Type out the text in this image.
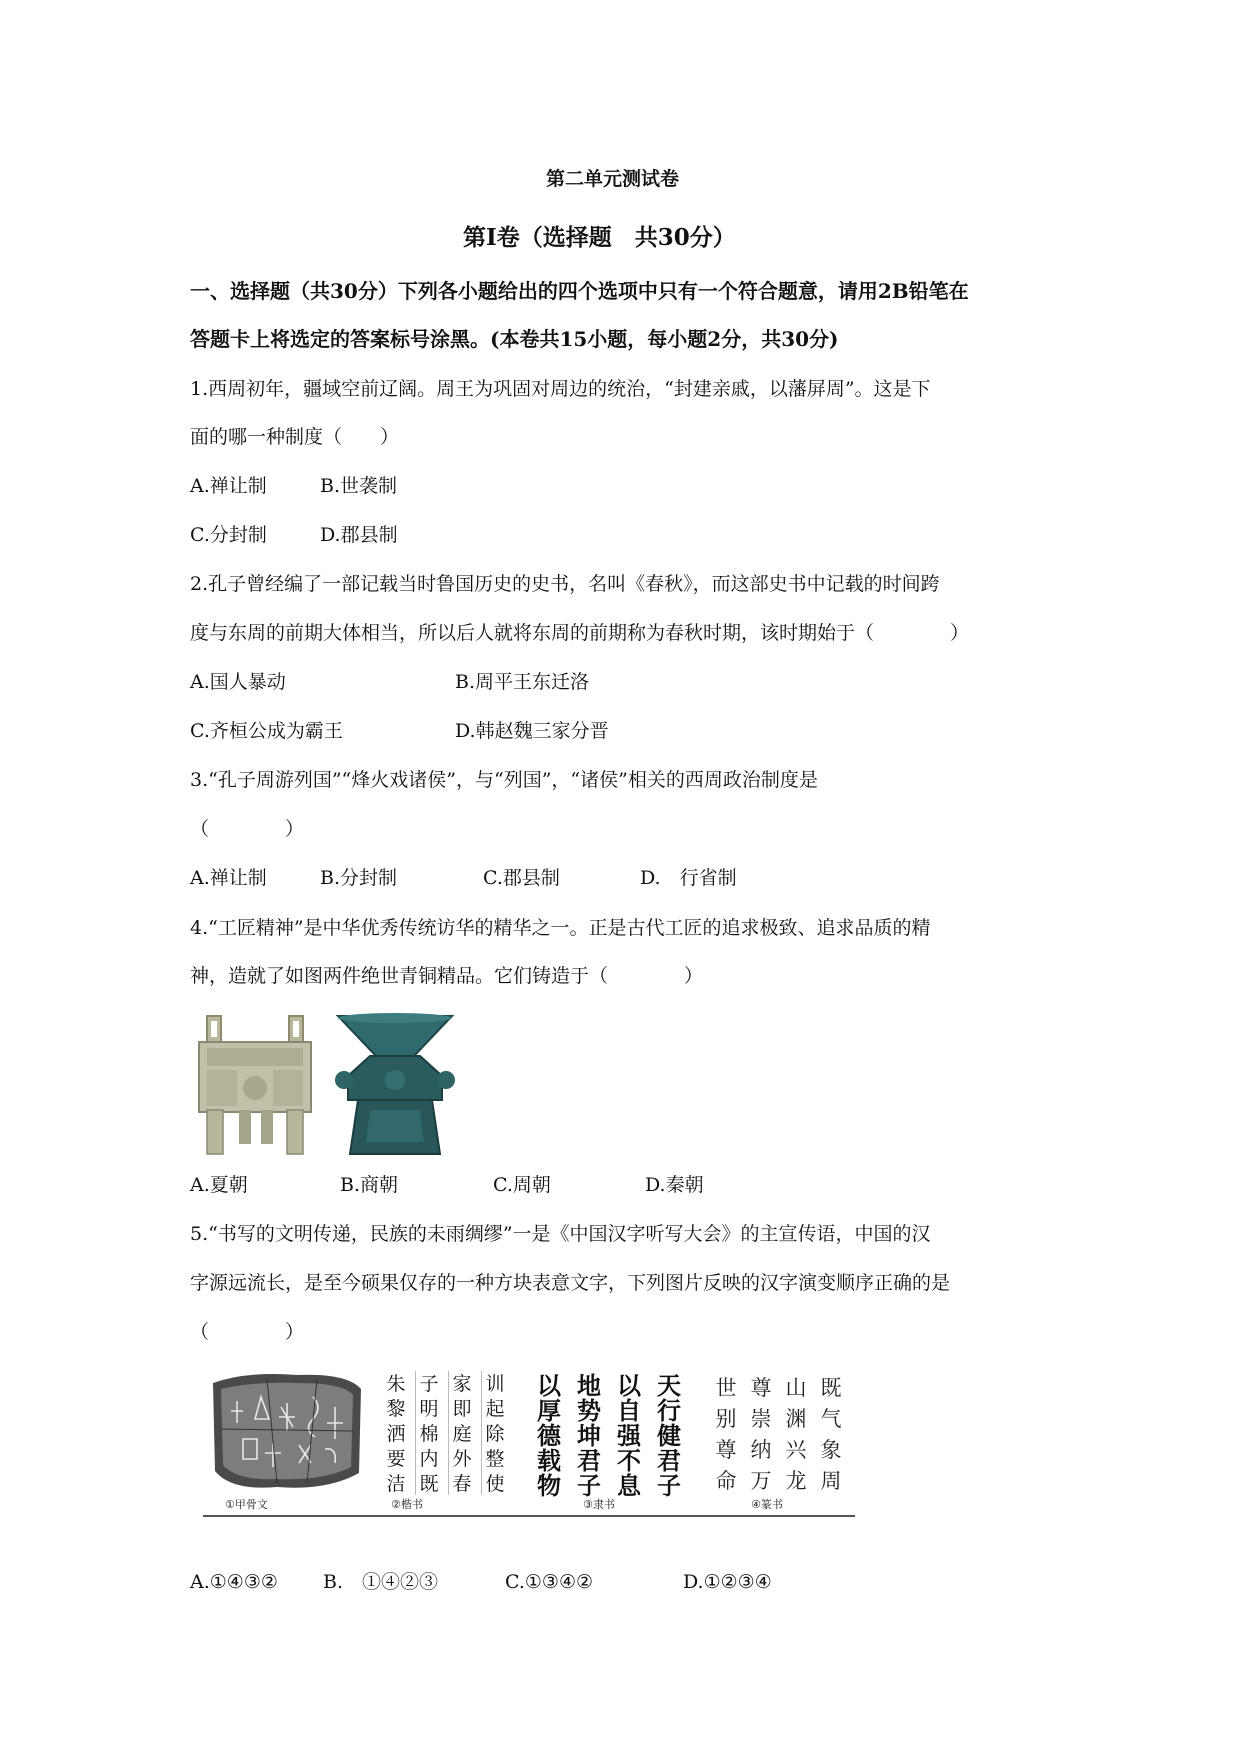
第二单元测试卷
第Ⅰ卷（选择题　共30分）
一、选择题（共30分）下列各小题给出的四个选项中只有一个符合题意，请用2B铅笔在
答题卡上将选定的答案标号涂黑。(本卷共15小题，每小题2分，共30分)
1.西周初年，疆域空前辽阔。周王为巩固对周边的统治，“封建亲戚，以藩屏周”。这是下
面的哪一种制度（　　）
A.禅让制	B.世袭制
C.分封制	D.郡县制
2.孔子曾经编了一部记载当时鲁国历史的史书，名叫《春秋》，而这部史书中记载的时间跨
度与东周的前期大体相当，所以后人就将东周的前期称为春秋时期，该时期始于（　　　　）
A.国人暴动	B.周平王东迁洛
C.齐桓公成为霸王	D.韩赵魏三家分晋
3.“孔子周游列国”“烽火戏诸侯”，与“列国”，“诸侯”相关的西周政治制度是
（　　　　）
A.禅让制	B.分封制	C.郡县制	D.　行省制
4.“工匠精神”是中华优秀传统访华的精华之一。正是古代工匠的追求极致、追求品质的精
神，造就了如图两件绝世青铜精品。它们铸造于（　　　　）
A.夏朝	B.商朝	C.周朝	D.秦朝
5.“书写的文明传递，民族的未雨绸缪”一是《中国汉字听写大会》的主宣传语，中国的汉
字源远流长，是至今硕果仅存的一种方块表意文字，下列图片反映的汉字演变顺序正确的是
（　　　　）
训
起
除
整
使
家
即
庭
外
春
子
明
棉
内
既
朱
黎
洒
要
洁
天
行
健
君
子
以
自
强
不
息
地
势
坤
君
子
以
厚
德
载
物
既
气
象
周
山
渊
兴
龙
尊
崇
纳
万
世
别
尊
命
①甲骨文	②楷书	③隶书	④篆书
A.①④③② B.　①④②③	C.①③④②	D.①②③④
